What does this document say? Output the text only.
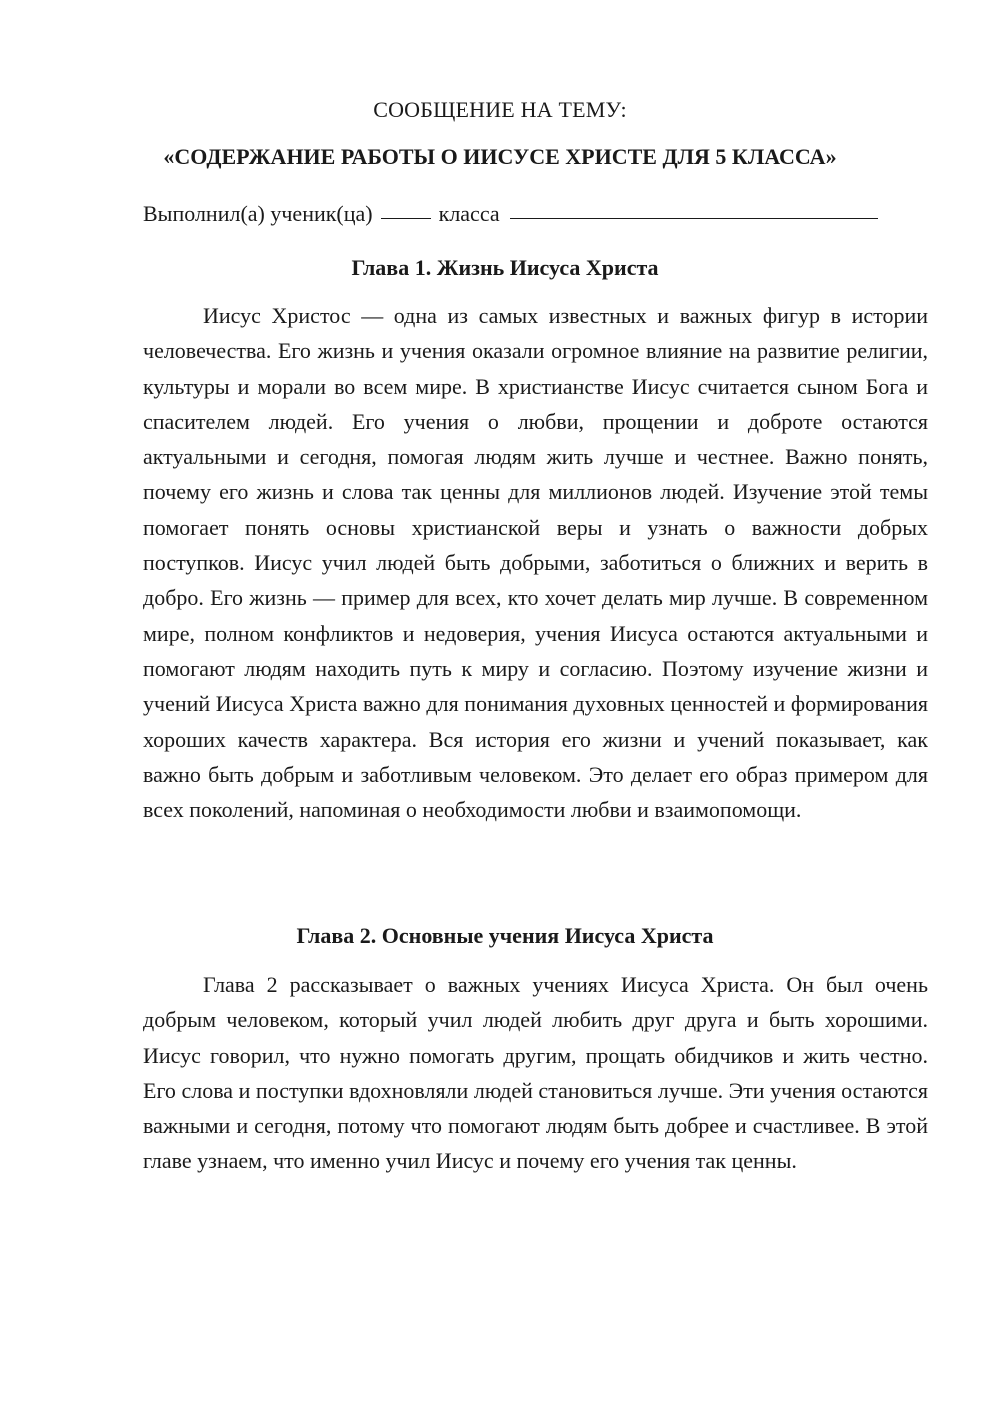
СООБЩЕНИЕ НА ТЕМУ:
«СОДЕРЖАНИЕ РАБОТЫ О ИИСУСЕ ХРИСТЕ ДЛЯ 5 КЛАССА»
Выполнил(а) ученик(ца)	класса
Глава 1. Жизнь Иисуса Христа

Иисус Христос — одна из самых известных и важных фигур в истории человечества. Его жизнь и учения оказали огромное влияние на развитие религии, культуры и морали во всем мире. В христианстве Иисус считается сыном Бога и спасителем людей. Его учения о любви, прощении и доброте остаются актуальными и сегодня, помогая людям жить лучше и честнее. Важно понять, почему его жизнь и слова так ценны для миллионов людей. Изучение этой темы помогает понять основы христианской веры и узнать о важности добрых поступков. Иисус учил людей быть добрыми, заботиться о ближних и верить в добро. Его жизнь — пример для всех, кто хочет делать мир лучше. В современном мире, полном конфликтов и недоверия, учения Иисуса остаются актуальными и помогают людям находить путь к миру и согласию. Поэтому изучение жизни и учений Иисуса Христа важно для понимания духовных ценностей и формирования хороших качеств характера. Вся история его жизни и учений показывает, как важно быть добрым и заботливым человеком. Это делает его образ примером для всех поколений, напоминая о необходимости любви и взаимопомощи.

Глава 2. Основные учения Иисуса Христа

Глава 2 рассказывает о важных учениях Иисуса Христа. Он был очень добрым человеком, который учил людей любить друг друга и быть хорошими. Иисус говорил, что нужно помогать другим, прощать обидчиков и жить честно. Его слова и поступки вдохновляли людей становиться лучше. Эти учения остаются важными и сегодня, потому что помогают людям быть добрее и счастливее. В этой главе узнаем, что именно учил Иисус и почему его учения так ценны.
